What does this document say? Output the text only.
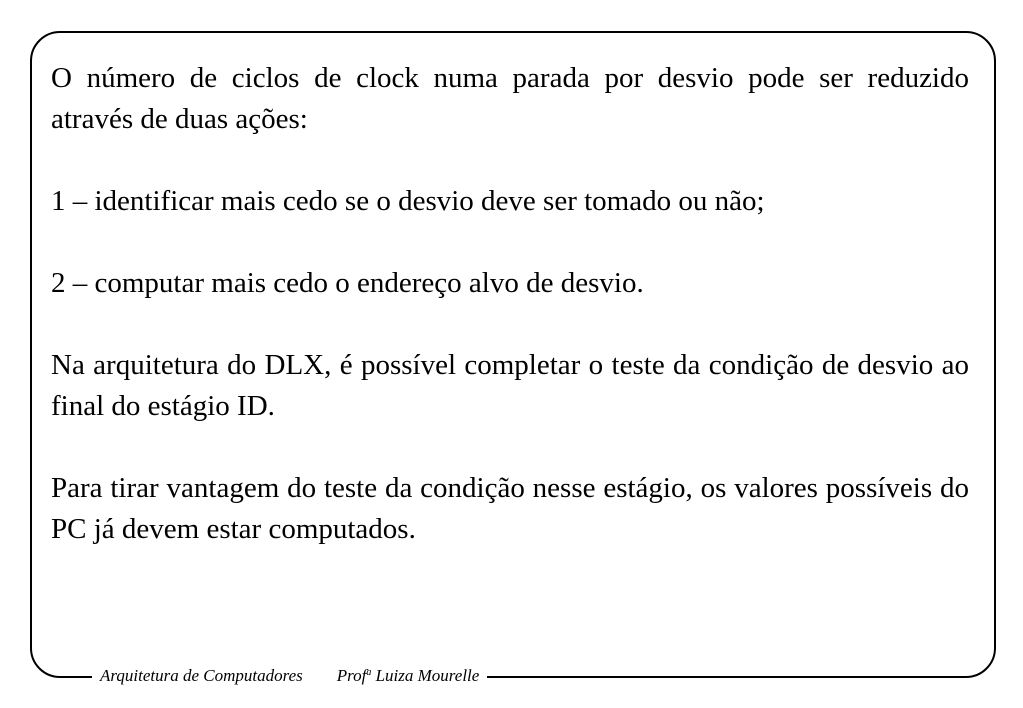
O número de ciclos de clock numa parada por desvio pode ser reduzido através de duas ações:

1 – identificar mais cedo se o desvio deve ser tomado ou não;

2 – computar mais cedo o endereço alvo de desvio.

Na arquitetura do DLX, é possível completar o teste da condição de desvio ao final do estágio ID.

Para tirar vantagem do teste da condição nesse estágio, os valores possíveis do PC já devem estar computados.

Arquitetura de Computadores Prof$^a$ Luiza Mourelle
